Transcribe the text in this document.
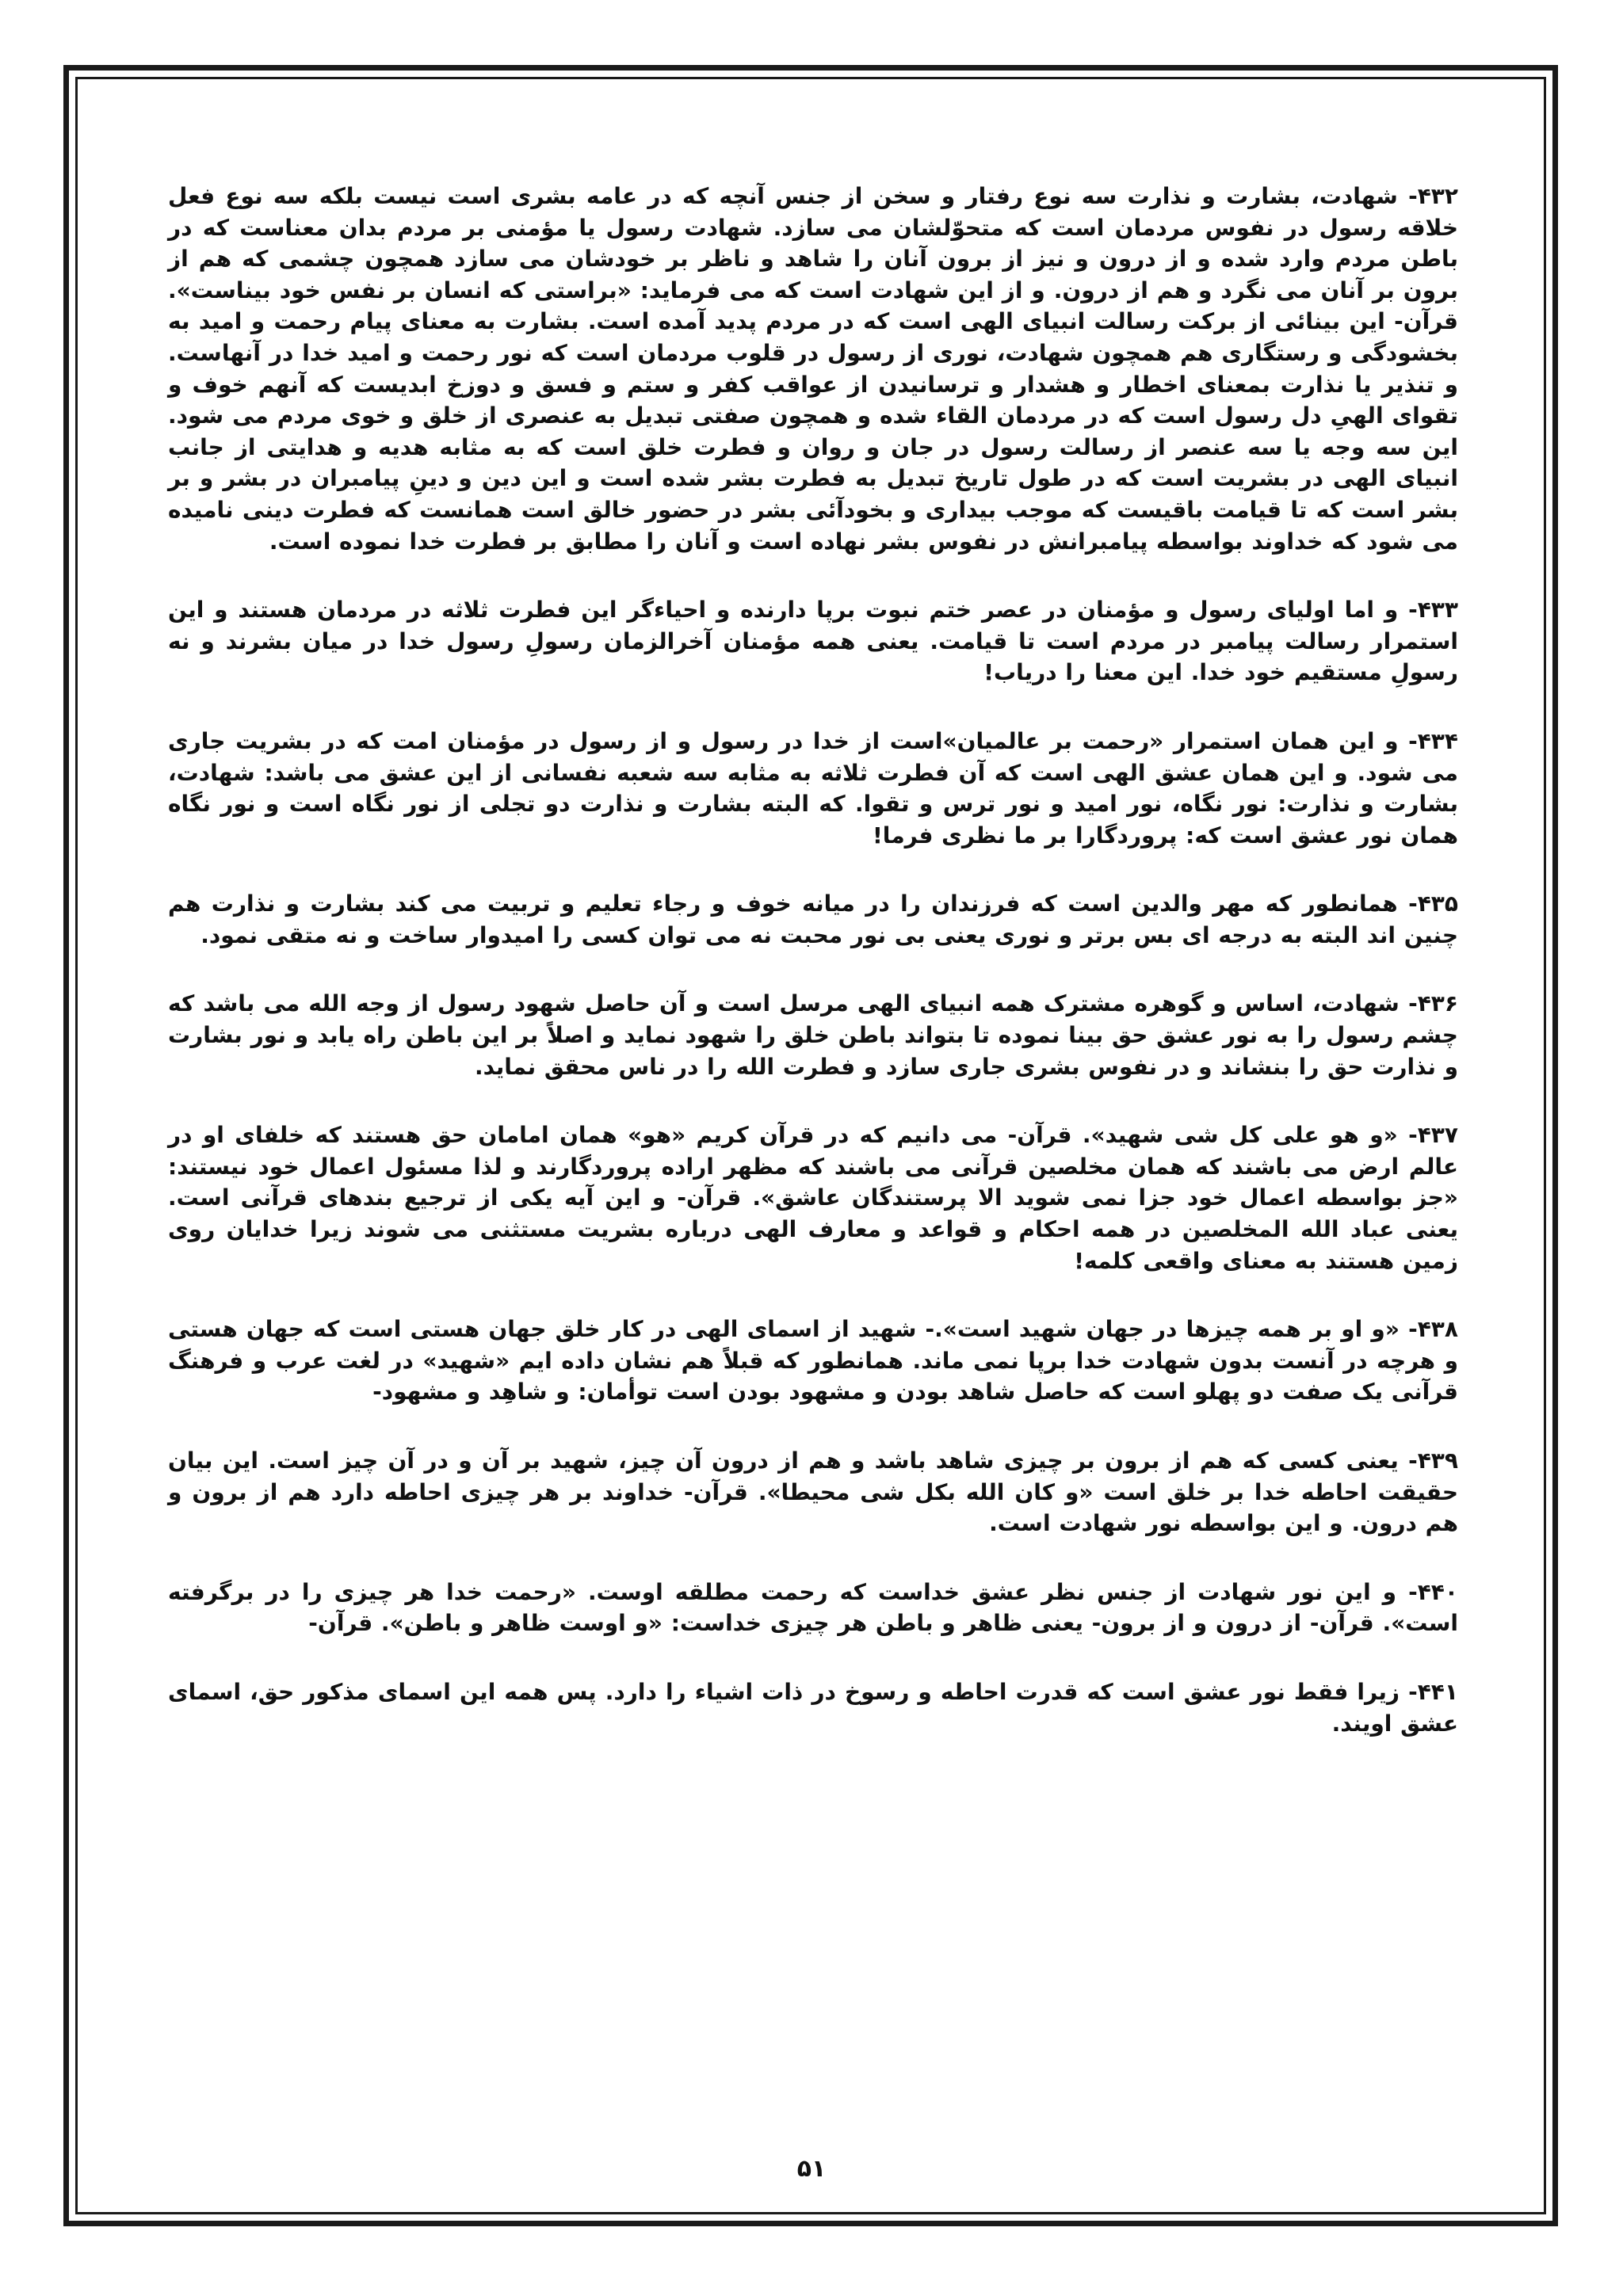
۴۳۲- شهادت، بشارت و نذارت سه نوع رفتار و سخن از جنس آنچه که در عامه بشری است نیست بلکه سه نوع فعل خلاقه رسول در نفوس مردمان است که متحوّلشان می سازد. شهادت رسول یا مؤمنی بر مردم بدان معناست که در باطن مردم وارد شده و از درون و نیز از برون آنان را شاهد و ناظر بر خودشان می سازد همچون چشمی که هم از برون بر آنان می نگرد و هم از درون. و از این شهادت است که می فرماید: «براستی که انسان بر نفس خود بیناست». قرآن- این بینائی از برکت رسالت انبیای الهی است که در مردم پدید آمده است. بشارت به معنای پیام رحمت و امید به بخشودگی و رستگاری هم همچون شهادت، نوری از رسول در قلوب مردمان است که نور رحمت و امید خدا در آنهاست. و تنذیر یا نذارت بمعنای اخطار و هشدار و ترسانیدن از عواقب کفر و ستم و فسق و دوزخ ابدیست که آنهم خوف و تقوای الهیِ دل رسول است که در مردمان القاء شده و همچون صفتی تبدیل به عنصری از خلق و خوی مردم می شود. این سه وجه یا سه عنصر از رسالت رسول در جان و روان و فطرت خلق است که به مثابه هدیه و هدایتی از جانب انبیای الهی در بشریت است که در طول تاریخ تبدیل به فطرت بشر شده است و این دین و دینِ پیامبران در بشر و بر بشر است که تا قیامت باقیست که موجب بیداری و بخودآئی بشر در حضور خالق است همانست که فطرت دینی نامیده می شود که خداوند بواسطه پیامبرانش در نفوس بشر نهاده است و آنان را مطابق بر فطرت خدا نموده است.

۴۳۳- و اما اولیای رسول و مؤمنان در عصر ختم نبوت برپا دارنده و احیاءگر این فطرت ثلاثه در مردمان هستند و این استمرار رسالت پیامبر در مردم است تا قیامت. یعنی همه مؤمنان آخرالزمان رسولِ رسول خدا در میان بشرند و نه رسولِ مستقیم خود خدا. این معنا را دریاب!

۴۳۴- و این همان استمرار «رحمت بر عالمیان»است از خدا در رسول و از رسول در مؤمنان امت که در بشریت جاری می شود. و این همان عشق الهی است که آن فطرت ثلاثه به مثابه سه شعبه نفسانی از این عشق می باشد: شهادت، بشارت و نذارت: نور نگاه، نور امید و نور ترس و تقوا. که البته بشارت و نذارت دو تجلی از نور نگاه است و نور نگاه همان نور عشق است که: پروردگارا بر ما نظری فرما!

۴۳۵- همانطور که مهر والدین است که فرزندان را در میانه خوف و رجاء تعلیم و تربیت می کند بشارت و نذارت هم چنین اند البته به درجه ای بس برتر و نوری یعنی بی نور محبت نه می توان کسی را امیدوار ساخت و نه متقی نمود.

۴۳۶- شهادت، اساس و گوهره مشترک همه انبیای الهی مرسل است و آن حاصل شهود رسول از وجه الله می باشد که چشم رسول را به نور عشق حق بینا نموده تا بتواند باطن خلق را شهود نماید و اصلاً بر این باطن راه یابد و نور بشارت و نذارت حق را بنشاند و در نفوس بشری جاری سازد و فطرت الله را در ناس محقق نماید.

۴۳۷- «و هو علی کل شی شهید». قرآن- می دانیم که در قرآن کریم «هو» همان امامان حق هستند که خلفای او در عالم ارض می باشند که همان مخلصین قرآنی می باشند که مظهر اراده پروردگارند و لذا مسئول اعمال خود نیستند: «جز بواسطه اعمال خود جزا نمی شوید الا پرستندگان عاشق». قرآن- و این آیه یکی از ترجیع بندهای قرآنی است. یعنی عباد الله المخلصین در همه احکام و قواعد و معارف الهی درباره بشریت مستثنی می شوند زیرا خدایان روی زمین هستند به معنای واقعی کلمه!

۴۳۸- «و او بر همه چیزها در جهان شهید است».- شهید از اسمای الهی در کار خلق جهان هستی است که جهان هستی و هرچه در آنست بدون شهادت خدا برپا نمی ماند. همانطور که قبلاً هم نشان داده ایم «شهید» در لغت عرب و فرهنگ قرآنی یک صفت دو پهلو است که حاصل شاهد بودن و مشهود بودن است توأمان: و شاهِد و مشهود-

۴۳۹- یعنی کسی که هم از برون بر چیزی شاهد باشد و هم از درون آن چیز، شهید بر آن و در آن چیز است. این بیان حقیقت احاطه خدا بر خلق است «و کان الله بکل شی محیطا». قرآن- خداوند بر هر چیزی احاطه دارد هم از برون و هم درون. و این بواسطه نور شهادت است.

۴۴۰- و این نور شهادت از جنس نظر عشق خداست که رحمت مطلقه اوست. «رحمت خدا هر چیزی را در برگرفته است». قرآن- از درون و از برون- یعنی ظاهر و باطن هر چیزی خداست: «و اوست ظاهر و باطن». قرآن-

۴۴۱- زیرا فقط نور عشق است که قدرت احاطه و رسوخ در ذات اشیاء را دارد. پس همه این اسمای مذکور حق، اسمای عشق اویند.

۵۱
